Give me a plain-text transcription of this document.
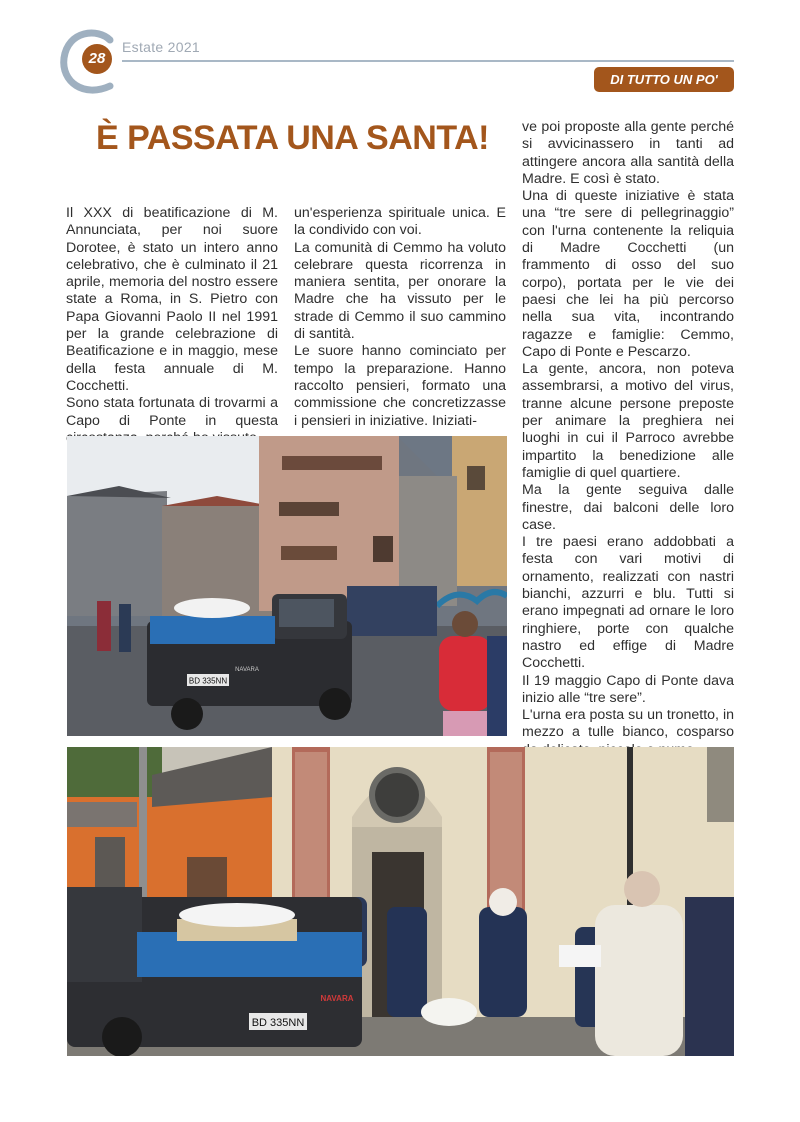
28
Estate 2021
DI TUTTO UN PO'
È PASSATA UNA SANTA!

Il XXX di beatificazione di M. Annunciata, per noi suore Dorotee, è stato un intero anno celebrativo, che è culminato il 21 aprile, memoria del nostro essere state a Roma, in S. Pietro con Papa Giovanni Paolo II nel 1991 per la grande celebrazione di Beatificazione e in maggio, mese della festa annuale di M. Cocchetti.

Sono stata fortunata di trovarmi a Capo di Ponte in questa

un'esperienza spirituale unica. E la condivido con voi.

La comunità di Cemmo ha voluto celebrare questa ricorrenza in maniera sentita, per onorare la Madre che ha vissuto per le strade di Cemmo il suo cammino di santità.

Le suore hanno cominciato per tempo la preparazione. Hanno raccolto pensieri, formato una commissione che concretizzasse i pensieri in iniziative. Iniziati-

ve poi proposte alla gente perché si avvicinassero in tanti ad attingere ancora alla santità della Madre. E così è stato.

Una di queste iniziative è stata una “tre sere di pellegrinaggio” con l'urna contenente la reliquia di Madre Cocchetti (un frammento di osso del suo corpo), portata per le vie dei paesi che lei ha più percorso nella sua vita, incontrando ragazze e famiglie: Cemmo, Capo di Ponte e Pescarzo.

La gente, ancora, non poteva assembrarsi, a motivo del virus, tranne alcune persone preposte per animare la preghiera nei luoghi in cui il Parroco avrebbe impartito la benedizione alle famiglie di quel quartiere.

Ma la gente seguiva dalle finestre, dai balconi delle loro case.

I tre paesi erano addobbati a festa con vari motivi di ornamento, realizzati con nastri bianchi, azzurri e blu. Tutti si erano impegnati ad ornare le loro ringhiere, porte con qualche nastro ed effige di Madre Cocchetti.

Il 19 maggio Capo di Ponte dava inizio alle “tre sere”.

L'urna era posta su un tronetto, in mezzo a tulle bianco, cosparso

BD 335NN
NAVARA
BD 335NN
NAVARA
